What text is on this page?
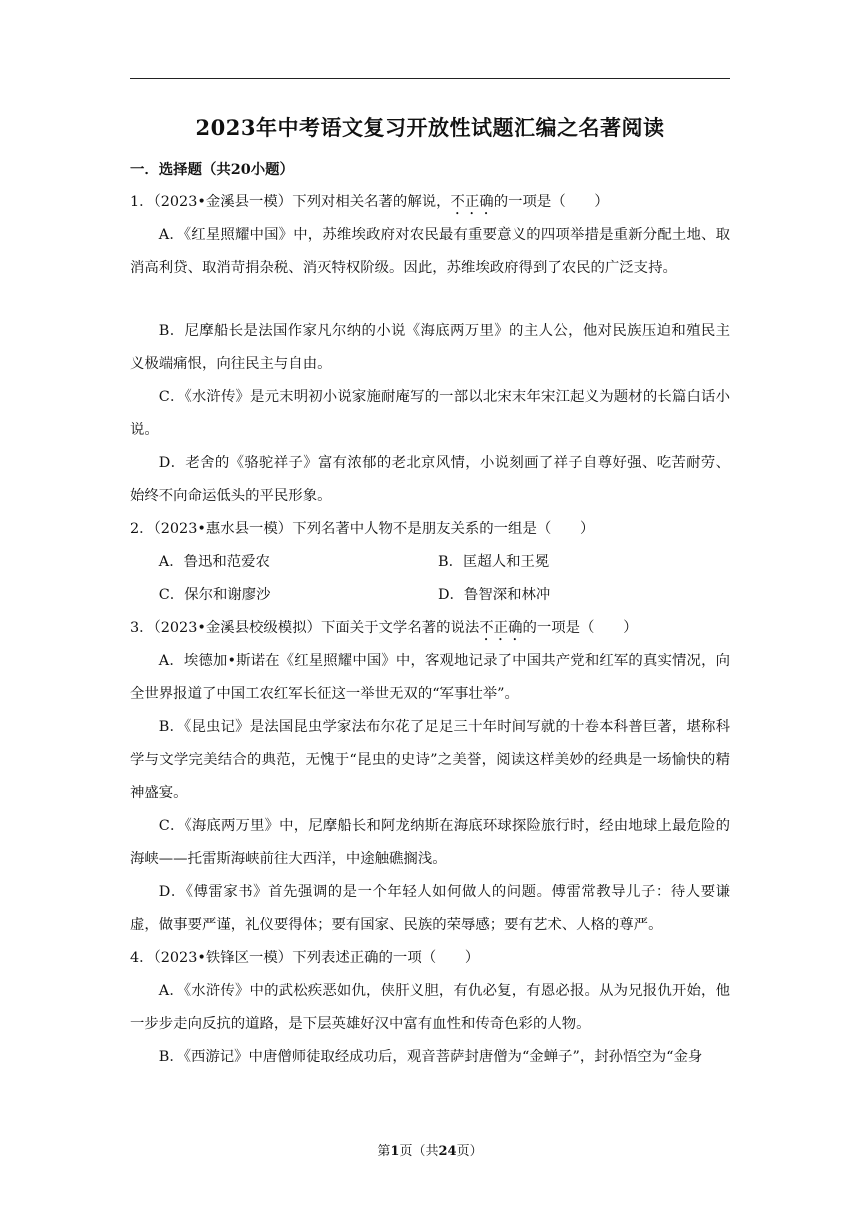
2023年中考语文复习开放性试题汇编之名著阅读
一．选择题（共20小题）
1．（2023•金溪县一模）下列对相关名著的解说，不正确的一项是（　　）
A．《红星照耀中国》中，苏维埃政府对农民最有重要意义的四项举措是重新分配土地、取消高利贷、取消苛捐杂税、消灭特权阶级。因此，苏维埃政府得到了农民的广泛支持。
B．尼摩船长是法国作家凡尔纳的小说《海底两万里》的主人公，他对民族压迫和殖民主义极端痛恨，向往民主与自由。
C．《水浒传》是元末明初小说家施耐庵写的一部以北宋末年宋江起义为题材的长篇白话小说。
D．老舍的《骆驼祥子》富有浓郁的老北京风情，小说刻画了祥子自尊好强、吃苦耐劳、始终不向命运低头的平民形象。
2．（2023•惠水县一模）下列名著中人物不是朋友关系的一组是（　　）
A．鲁迅和范爱农	B．匡超人和王冕
C．保尔和谢廖沙	D．鲁智深和林冲
3．（2023•金溪县校级模拟）下面关于文学名著的说法不正确的一项是（　　）
A．埃德加•斯诺在《红星照耀中国》中，客观地记录了中国共产党和红军的真实情况，向全世界报道了中国工农红军长征这一举世无双的“军事壮举”。
B．《昆虫记》是法国昆虫学家法布尔花了足足三十年时间写就的十卷本科普巨著，堪称科学与文学完美结合的典范，无愧于“昆虫的史诗”之美誉，阅读这样美妙的经典是一场愉快的精神盛宴。
C．《海底两万里》中，尼摩船长和阿龙纳斯在海底环球探险旅行时，经由地球上最危险的海峡——托雷斯海峡前往大西洋，中途触礁搁浅。
D．《傅雷家书》首先强调的是一个年轻人如何做人的问题。傅雷常教导儿子：待人要谦虚，做事要严谨，礼仪要得体；要有国家、民族的荣辱感；要有艺术、人格的尊严。
4．（2023•铁锋区一模）下列表述正确的一项（　　）
A．《水浒传》中的武松疾恶如仇，侠肝义胆，有仇必复，有恩必报。从为兄报仇开始，他一步步走向反抗的道路，是下层英雄好汉中富有血性和传奇色彩的人物。
B．《西游记》中唐僧师徒取经成功后，观音菩萨封唐僧为“金蝉子”，封孙悟空为“金身
第1页（共24页）
